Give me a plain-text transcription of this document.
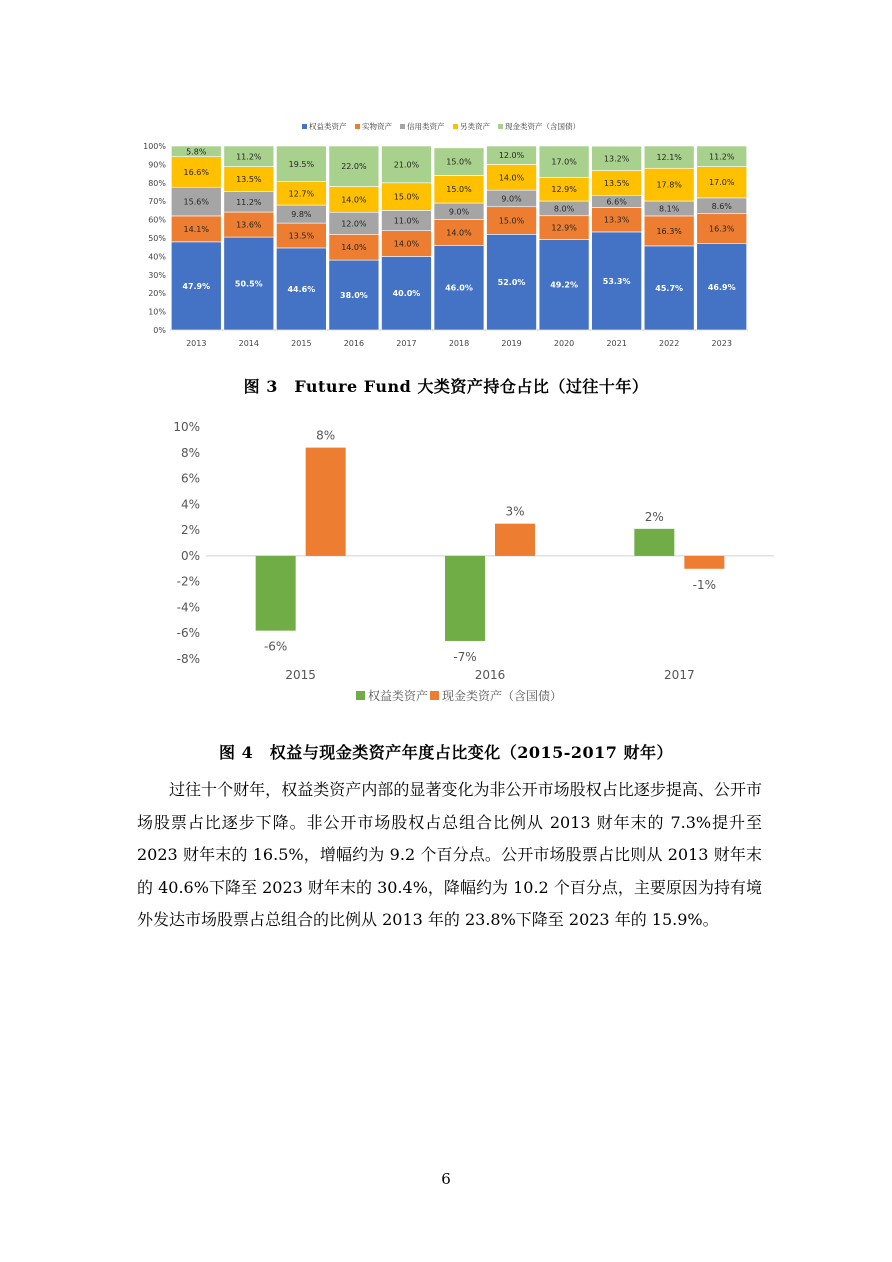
权益类资产 实物资产 信用类资产 另类资产 现金类资产（含国债）
0%
10%
20%
30%
40%
50%
60%
70%
80%
90%
100%
47.9%
14.1%
15.6%
16.6%
5.8%
2013
50.5%
13.6%
11.2%
13.5%
11.2%
2014
44.6%
13.5%
9.8%
12.7%
19.5%
2015
38.0%
14.0%
12.0%
14.0%
22.0%
2016
40.0%
14.0%
11.0%
15.0%
21.0%
2017
46.0%
14.0%
9.0%
15.0%
15.0%
2018
52.0%
15.0%
9.0%
14.0%
12.0%
2019
49.2%
12.9%
8.0%
12.9%
17.0%
2020
53.3%
13.3%
6.6%
13.5%
13.2%
2021
45.7%
16.3%
8.1%
17.8%
12.1%
2022
46.9%
16.3%
8.6%
17.0%
11.2%
2023
图 3　Future Fund 大类资产持仓占比（过往十年）
-8%
-6%
-4%
-2%
0%
2%
4%
6%
8%
10%
-6%
8%
2015
-7%
3%
2016
2%
-1%
2017
权益类资产 现金类资产（含国债）
图 4　权益与现金类资产年度占比变化（2015-2017 财年）

过往十个财年，权益类资产内部的显著变化为非公开市场股权占比逐步提高、公开市场股票占比逐步下降。非公开市场股权占总组合比例从 2013 财年末的 7.3%提升至 2023 财年末的 16.5%，增幅约为 9.2 个百分点。公开市场股票占比则从 2013 财年末的 40.6%下降至 2023 财年末的 30.4%，降幅约为 10.2 个百分点，主要原因为持有境外发达市场股票占总组合的比例从 2013 年的 23.8%下降至 2023 年的 15.9%。

6
